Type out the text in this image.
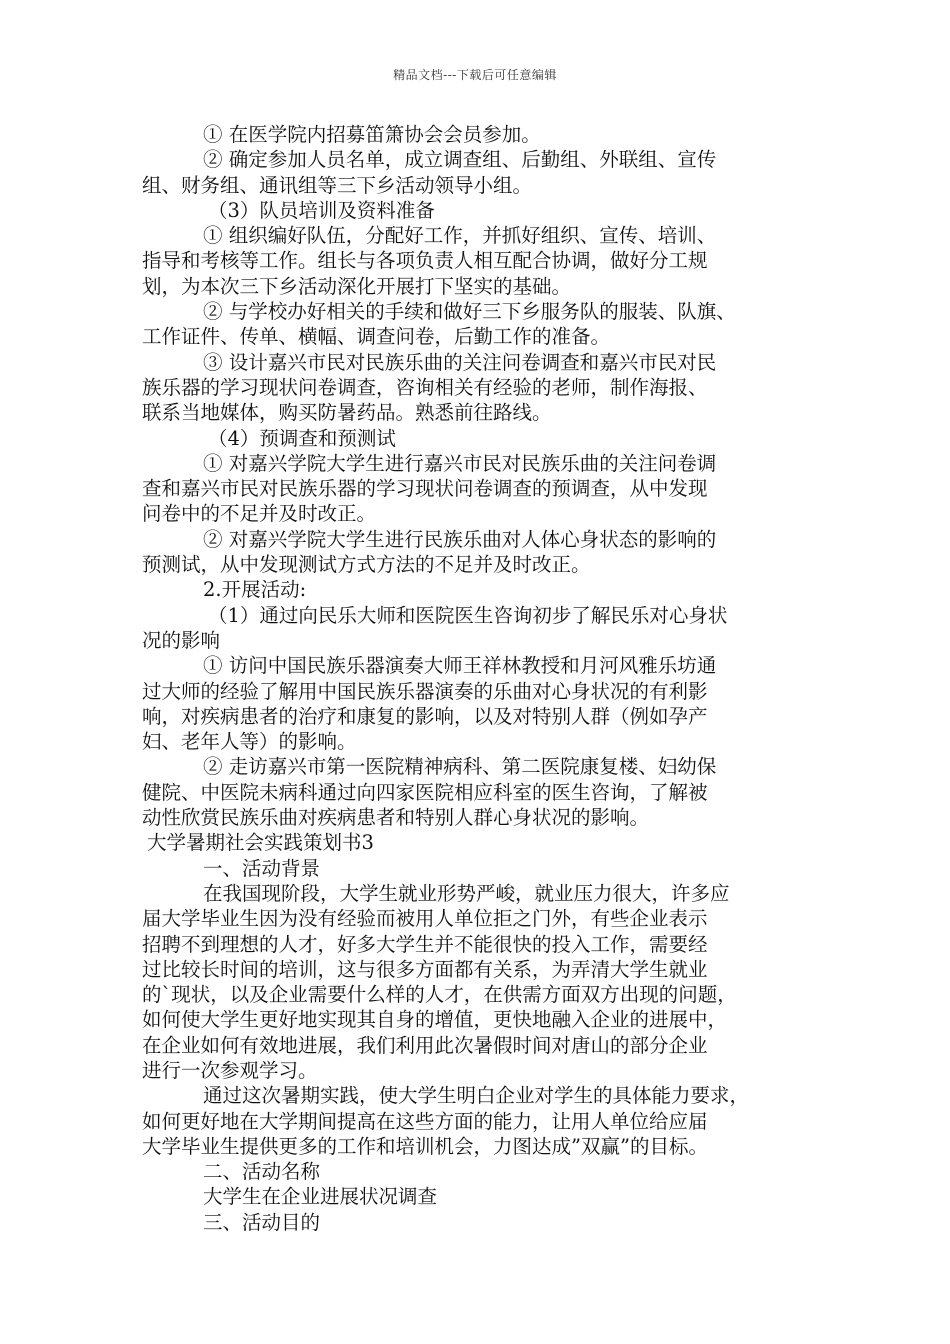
精品文档---下载后可任意编辑

① 在医学院内招募笛箫协会会员参加。

② 确定参加人员名单，成立调查组、后勤组、外联组、宣传

组、财务组、通讯组等三下乡活动领导小组。

（3）队员培训及资料准备

① 组织编好队伍，分配好工作，并抓好组织、宣传、培训、

指导和考核等工作。组长与各项负责人相互配合协调，做好分工规

划，为本次三下乡活动深化开展打下坚实的基础。

② 与学校办好相关的手续和做好三下乡服务队的服装、队旗、

工作证件、传单、横幅、调查问卷，后勤工作的准备。

③ 设计嘉兴市民对民族乐曲的关注问卷调查和嘉兴市民对民

族乐器的学习现状问卷调查，咨询相关有经验的老师，制作海报、

联系当地媒体，购买防暑药品。熟悉前往路线。

（4）预调查和预测试

① 对嘉兴学院大学生进行嘉兴市民对民族乐曲的关注问卷调

查和嘉兴市民对民族乐器的学习现状问卷调查的预调查，从中发现

问卷中的不足并及时改正。

② 对嘉兴学院大学生进行民族乐曲对人体心身状态的影响的

预测试，从中发现测试方式方法的不足并及时改正。

2.开展活动:

（1）通过向民乐大师和医院医生咨询初步了解民乐对心身状

况的影响

① 访问中国民族乐器演奏大师王祥林教授和月河风雅乐坊通

过大师的经验了解用中国民族乐器演奏的乐曲对心身状况的有利影

响，对疾病患者的治疗和康复的影响，以及对特别人群（例如孕产

妇、老年人等）的影响。

② 走访嘉兴市第一医院精神病科、第二医院康复楼、妇幼保

健院、中医院未病科通过向四家医院相应科室的医生咨询，了解被

动性欣赏民族乐曲对疾病患者和特别人群心身状况的影响。

大学暑期社会实践策划书3

一、活动背景

在我国现阶段，大学生就业形势严峻，就业压力很大，许多应

届大学毕业生因为没有经验而被用人单位拒之门外，有些企业表示

招聘不到理想的人才，好多大学生并不能很快的投入工作，需要经

过比较长时间的培训，这与很多方面都有关系，为弄清大学生就业

的`现状，以及企业需要什么样的人才，在供需方面双方出现的问题，

如何使大学生更好地实现其自身的增值，更快地融入企业的进展中，

在企业如何有效地进展，我们利用此次暑假时间对唐山的部分企业

进行一次参观学习。

通过这次暑期实践，使大学生明白企业对学生的具体能力要求，

如何更好地在大学期间提高在这些方面的能力，让用人单位给应届

大学毕业生提供更多的工作和培训机会，力图达成”双赢”的目标。

二、活动名称

大学生在企业进展状况调查

三、活动目的
